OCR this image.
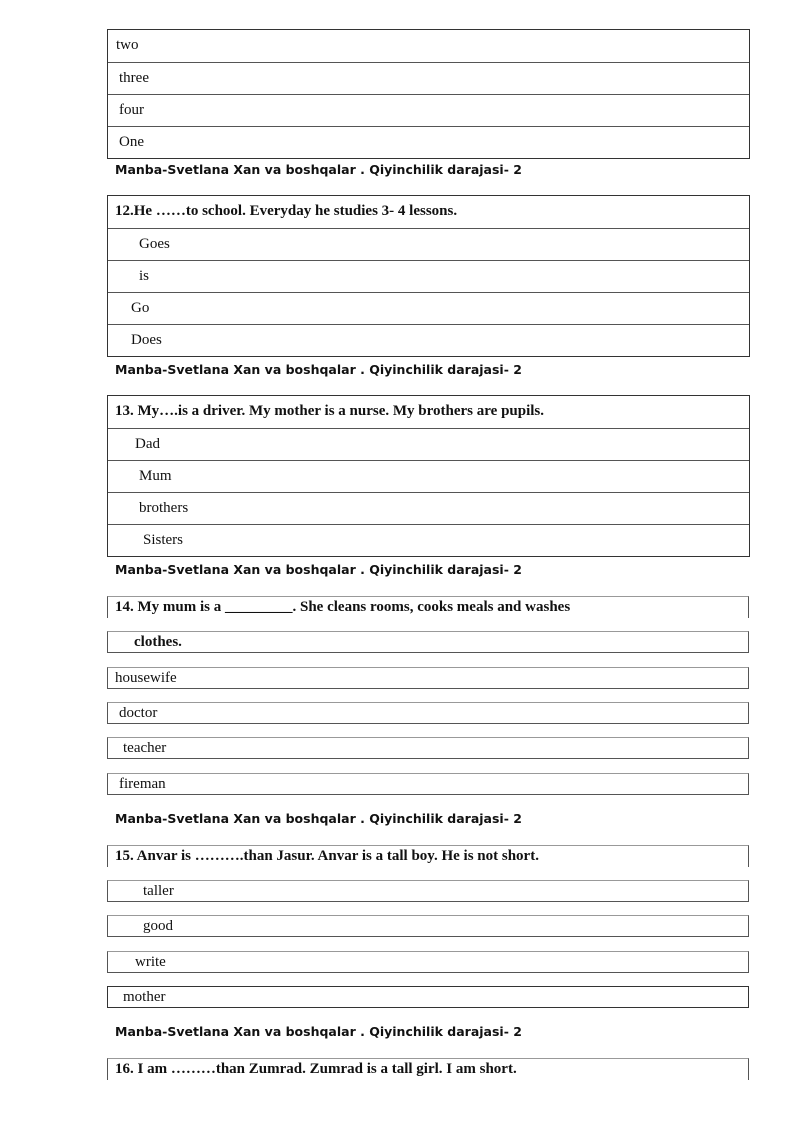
two
three
four
One
Manba-Svetlana Xan va boshqalar . Qiyinchilik darajasi- 2
12.He ……to school. Everyday he studies 3- 4 lessons.
Goes
is
Go
Does
Manba-Svetlana Xan va boshqalar . Qiyinchilik darajasi- 2
13. My….is a driver. My mother is a nurse. My brothers are pupils.
Dad
Mum
brothers
Sisters
Manba-Svetlana Xan va boshqalar . Qiyinchilik darajasi- 2
14. My mum is a _________. She cleans rooms, cooks meals and washes
clothes.
housewife
doctor
teacher
fireman
Manba-Svetlana Xan va boshqalar . Qiyinchilik darajasi- 2
15. Anvar is ……….than Jasur. Anvar is a tall boy. He is not short.
taller
good
write
mother
Manba-Svetlana Xan va boshqalar . Qiyinchilik darajasi- 2
16. I am ………than Zumrad. Zumrad is a tall girl. I am short.
